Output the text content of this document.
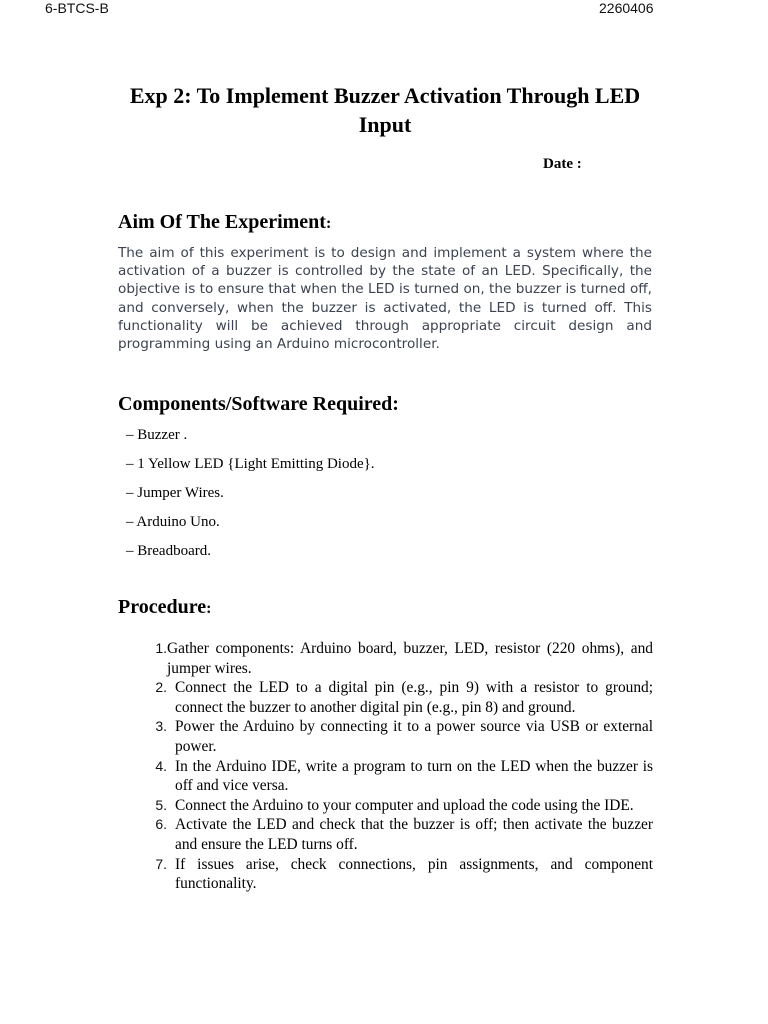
6-BTCS-B	2260406
Exp 2: To Implement Buzzer Activation Through LED Input
Date :
Aim Of The Experiment:
The aim of this experiment is to design and implement a system where the activation of a buzzer is controlled by the state of an LED. Specifically, the objective is to ensure that when the LED is turned on, the buzzer is turned off, and conversely, when the buzzer is activated, the LED is turned off. This functionality will be achieved through appropriate circuit design and programming using an Arduino microcontroller.
Components/Software Required:
– Buzzer .
– 1 Yellow LED {Light Emitting Diode}.
– Jumper Wires.
– Arduino Uno.
– Breadboard.
Procedure:
1. Gather components: Arduino board, buzzer, LED, resistor (220 ohms), and jumper wires.
2. Connect the LED to a digital pin (e.g., pin 9) with a resistor to ground; connect the buzzer to another digital pin (e.g., pin 8) and ground.
3. Power the Arduino by connecting it to a power source via USB or external power.
4. In the Arduino IDE, write a program to turn on the LED when the buzzer is off and vice versa.
5. Connect the Arduino to your computer and upload the code using the IDE.
6. Activate the LED and check that the buzzer is off; then activate the buzzer and ensure the LED turns off.
7. If issues arise, check connections, pin assignments, and component functionality.
